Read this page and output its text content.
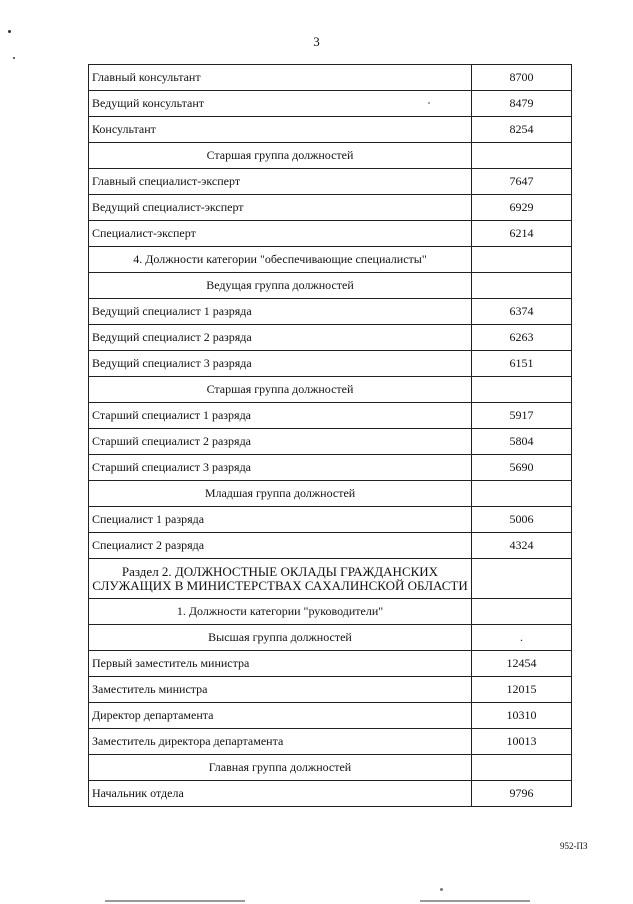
3
Главный консультант	8700
Ведущий консультант	8479
Консультант	8254
Старшая группа должностей	
Главный специалист-эксперт	7647
Ведущий специалист-эксперт	6929
Специалист-эксперт	6214
4. Должности категории "обеспечивающие специалисты"	
Ведущая группа должностей	
Ведущий специалист 1 разряда	6374
Ведущий специалист 2 разряда	6263
Ведущий специалист 3 разряда	6151
Старшая группа должностей	
Старший специалист 1 разряда	5917
Старший специалист 2 разряда	5804
Старший специалист 3 разряда	5690
Младшая группа должностей	
Специалист 1 разряда	5006
Специалист 2 разряда	4324
Раздел 2. ДОЛЖНОСТНЫЕ ОКЛАДЫ ГРАЖДАНСКИХ СЛУЖАЩИХ В МИНИСТЕРСТВАХ САХАЛИНСКОЙ ОБЛАСТИ	
1. Должности категории "руководители"	
Высшая группа должностей	.
Первый заместитель министра	12454
Заместитель министра	12015
Директор департамента	10310
Заместитель директора департамента	10013
Главная группа должностей	
Начальник отдела	9796
952-ПЗ
